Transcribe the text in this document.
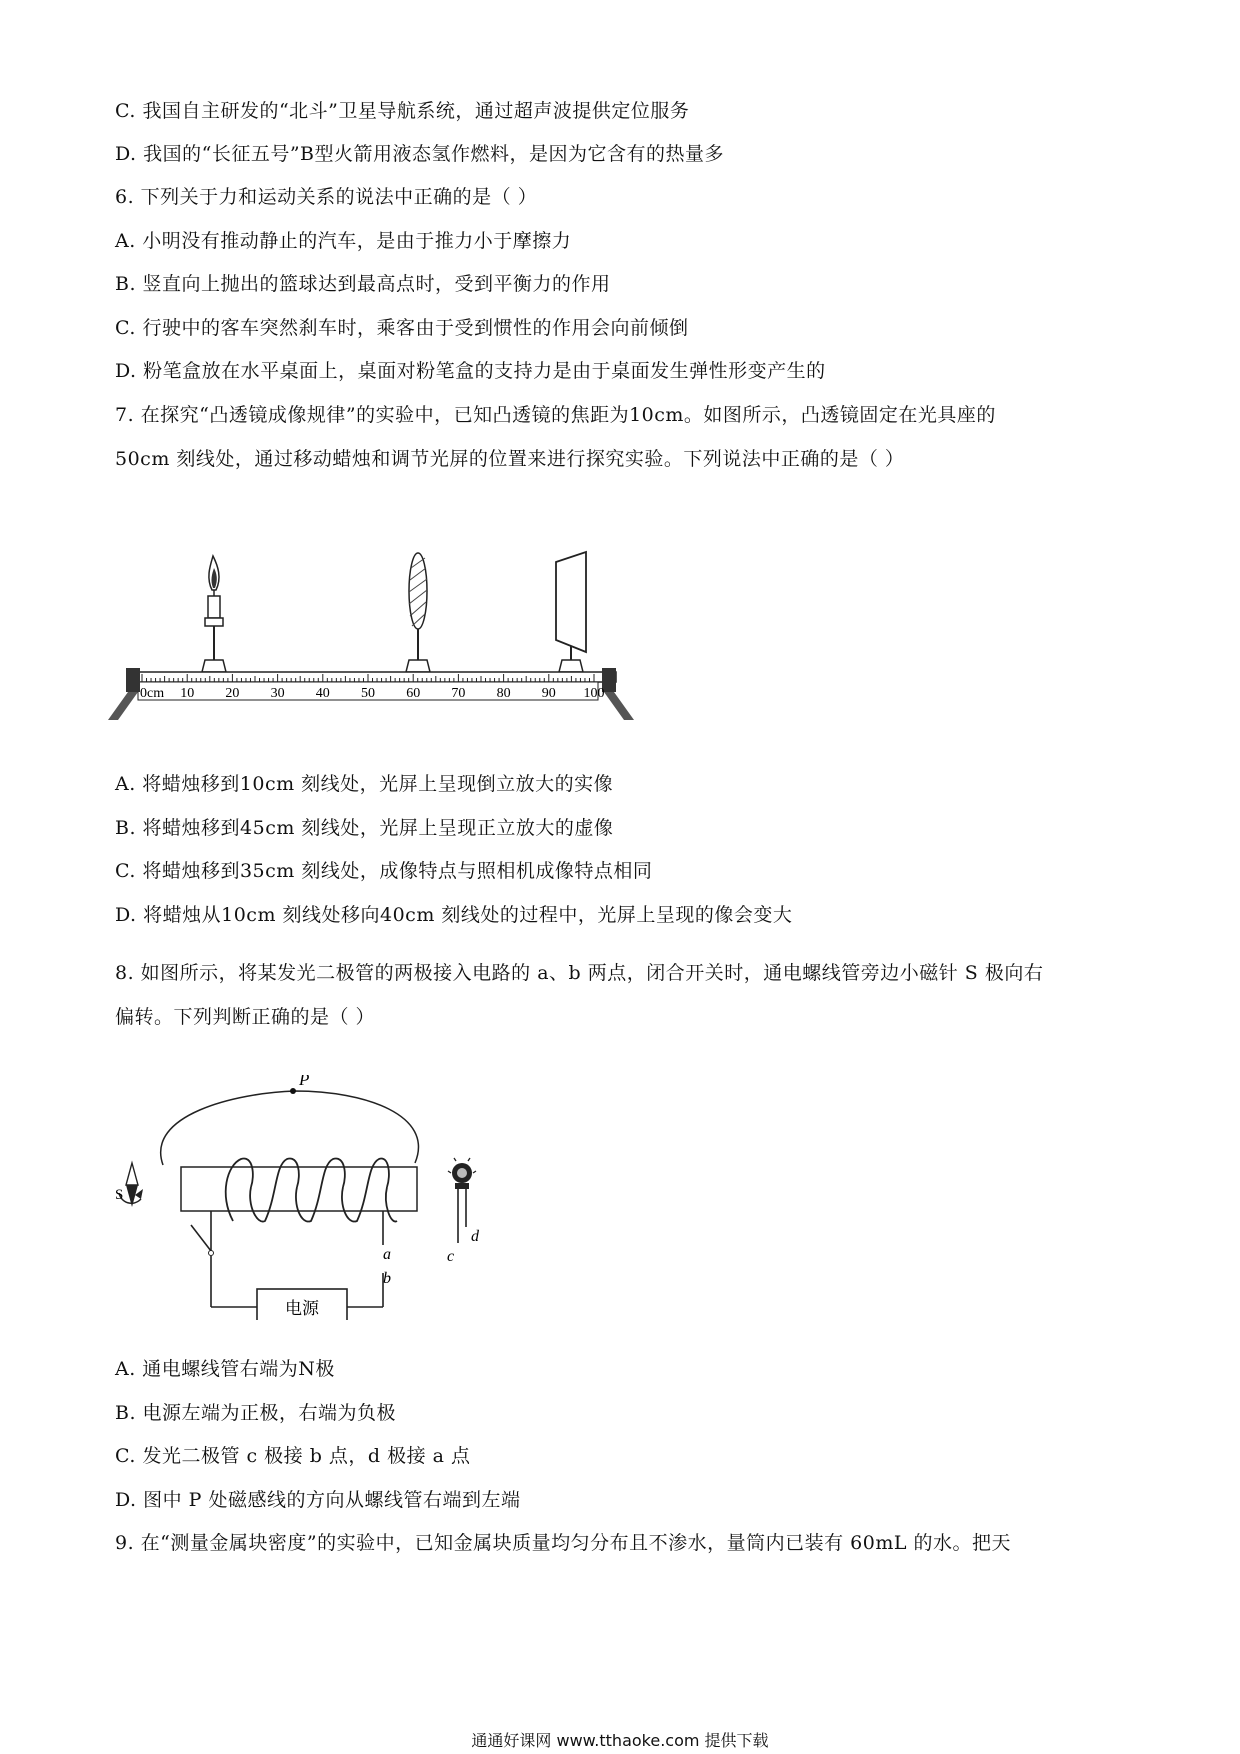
C. 我国自主研发的“北斗”卫星导航系统，通过超声波提供定位服务
D. 我国的“长征五号”B型火箭用液态氢作燃料，是因为它含有的热量多
6. 下列关于力和运动关系的说法中正确的是（ ）
A. 小明没有推动静止的汽车，是由于推力小于摩擦力
B. 竖直向上抛出的篮球达到最高点时，受到平衡力的作用
C. 行驶中的客车突然刹车时，乘客由于受到惯性的作用会向前倾倒
D. 粉笔盒放在水平桌面上，桌面对粉笔盒的支持力是由于桌面发生弹性形变产生的
7. 在探究“凸透镜成像规律”的实验中，已知凸透镜的焦距为10cm。如图所示，凸透镜固定在光具座的
50cm 刻线处，通过移动蜡烛和调节光屏的位置来进行探究实验。下列说法中正确的是（ ）
0cm 10 20 30 40 50 60 70 80 90 100
A. 将蜡烛移到10cm 刻线处，光屏上呈现倒立放大的实像
B. 将蜡烛移到45cm 刻线处，光屏上呈现正立放大的虚像
C. 将蜡烛移到35cm 刻线处，成像特点与照相机成像特点相同
D. 将蜡烛从10cm 刻线处移向40cm 刻线处的过程中，光屏上呈现的像会变大
8. 如图所示，将某发光二极管的两极接入电路的 a、b 两点，闭合开关时，通电螺线管旁边小磁针 S 极向右
偏转。下列判断正确的是（ ）
P
a
电源
b
S
d
c
A. 通电螺线管右端为N极
B. 电源左端为正极，右端为负极
C. 发光二极管 c 极接 b 点，d 极接 a 点
D. 图中 P 处磁感线的方向从螺线管右端到左端
9. 在“测量金属块密度”的实验中，已知金属块质量均匀分布且不渗水，量筒内已装有 60mL 的水。把天
通通好课网 www.tthaoke.com 提供下载
